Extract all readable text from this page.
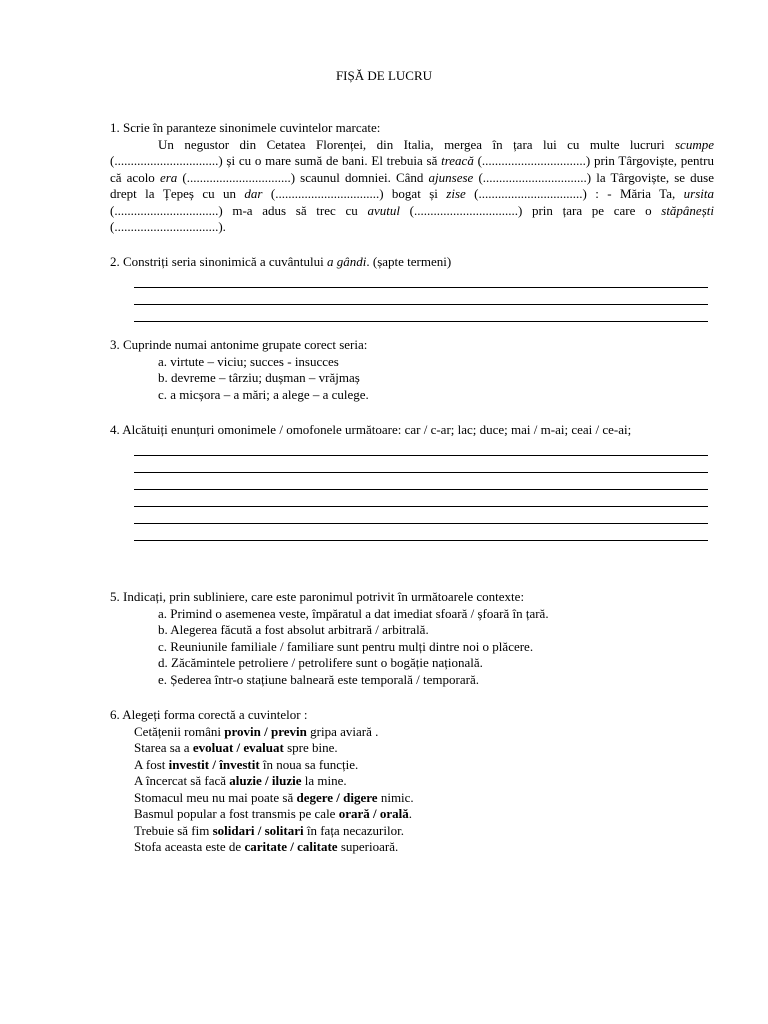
FIȘĂ DE LUCRU

1. Scrie în paranteze sinonimele cuvintelor marcate:

Un negustor din Cetatea Florenței, din Italia, mergea în țara lui cu multe lucruri scumpe (................................) și cu o mare sumă de bani. El trebuia să treacă (................................) prin Târgoviște, pentru că acolo era (................................) scaunul domniei. Când ajunsese (................................) la Târgoviște, se duse drept la Țepeș cu un dar (................................) bogat și zise (................................) : - Măria Ta, ursita (................................) m-a adus să trec cu avutul (................................) prin țara pe care o stăpânești (................................).

2. Constriți seria sinonimică a cuvântului a gândi. (șapte termeni)

3. Cuprinde numai antonime grupate corect seria:

a. virtute – viciu; succes - insucces

b. devreme – târziu; dușman – vrăjmaș

c. a micșora – a mări; a alege – a culege.

4. Alcătuiți enunțuri omonimele / omofonele următoare: car / c-ar; lac; duce; mai / m-ai; ceai / ce-ai;

5. Indicați, prin subliniere, care este paronimul potrivit în următoarele contexte:

a. Primind o asemenea veste, împăratul a dat imediat sfoară / șfoară în țară.

b. Alegerea făcută a fost absolut arbitrară / arbitrală.

c. Reuniunile familiale / familiare sunt pentru mulți dintre noi o plăcere.

d. Zăcămintele petroliere / petrolifere sunt o bogăție națională.

e. Șederea într-o stațiune balneară este temporală / temporară.

6. Alegeți forma corectă a cuvintelor :

Cetățenii români provin / previn gripa aviară .

Starea sa a evoluat / evaluat spre bine.

A fost investit / învestit în noua sa funcție.

A încercat să facă aluzie / iluzie la mine.

Stomacul meu nu mai poate să degere / digere nimic.

Basmul popular a fost transmis pe cale orară / orală.

Trebuie să fim solidari / solitari în fața necazurilor.

Stofa aceasta este de caritate / calitate superioară.
